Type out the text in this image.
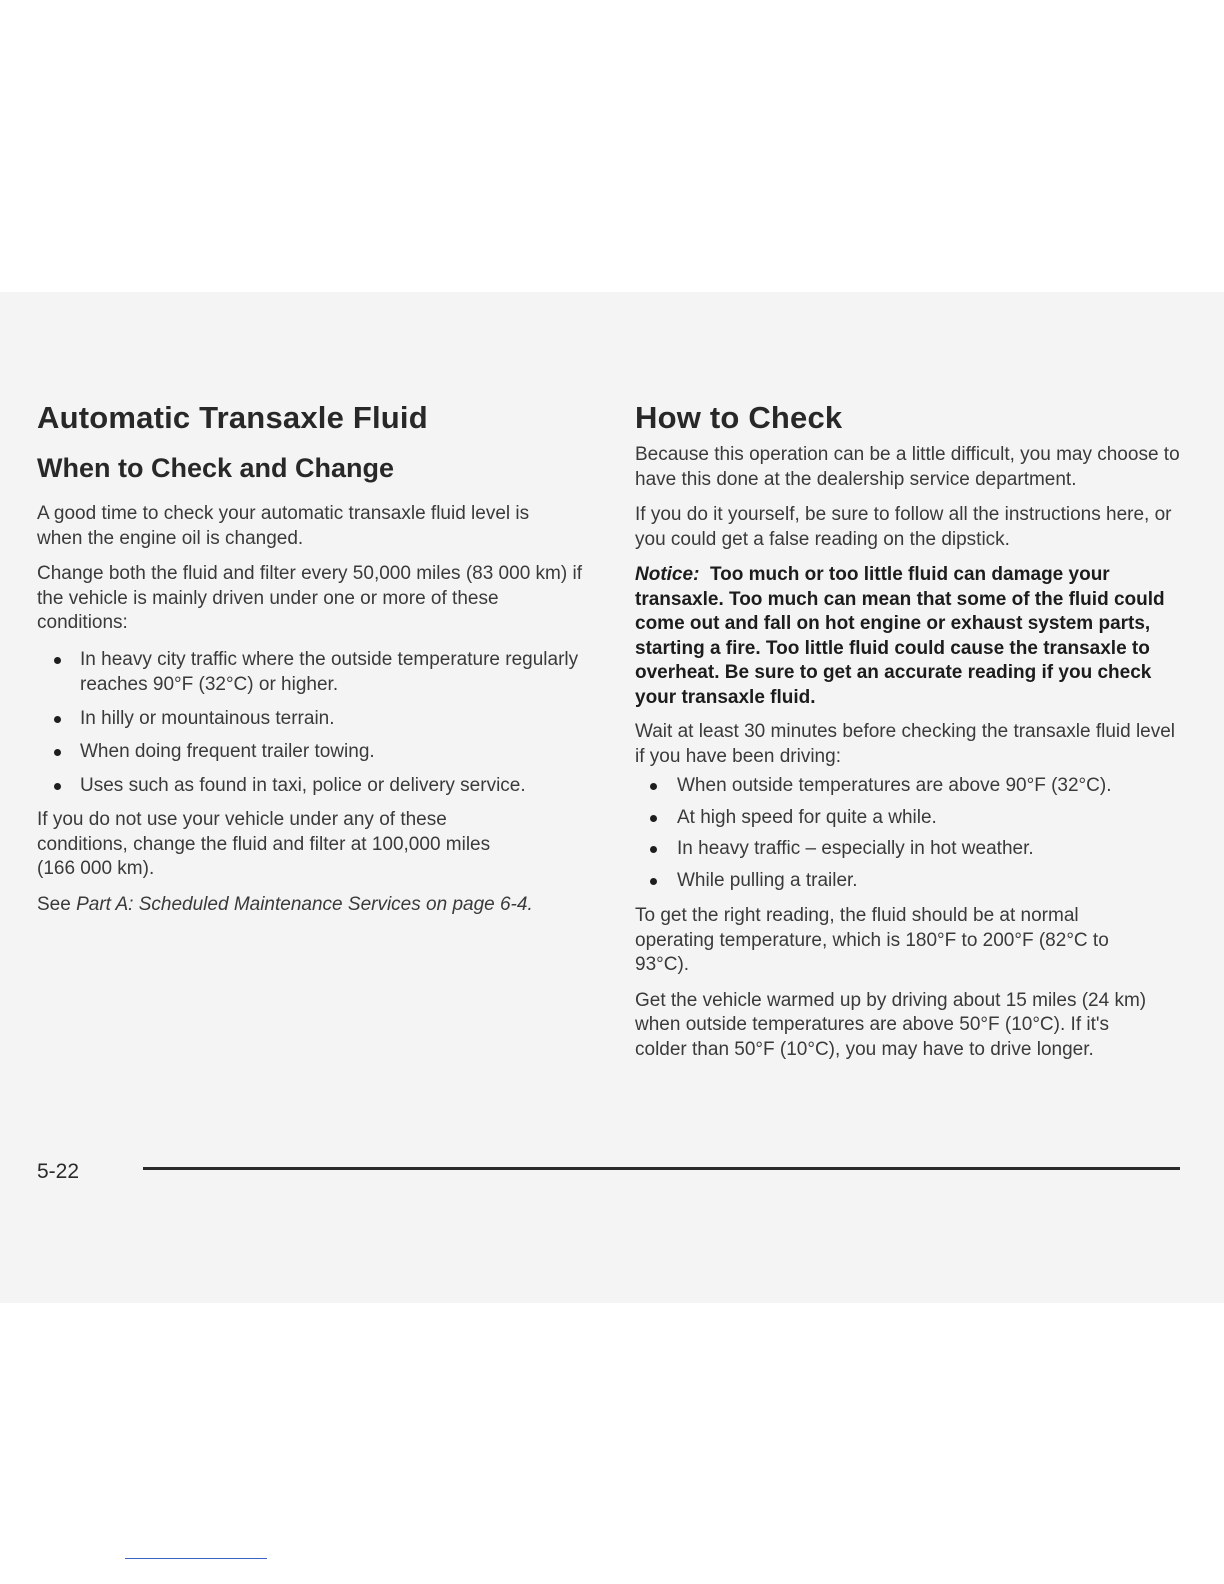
Automatic Transaxle Fluid
When to Check and Change

A good time to check your automatic transaxle fluid level is when the engine oil is changed.

Change both the fluid and filter every 50,000 miles (83 000 km) if the vehicle is mainly driven under one or more of these conditions:

In heavy city traffic where the outside temperature regularly reaches 90°F (32°C) or higher.
In hilly or mountainous terrain.
When doing frequent trailer towing.
Uses such as found in taxi, police or delivery service.

If you do not use your vehicle under any of these conditions, change the fluid and filter at 100,000 miles (166 000 km).

See Part A: Scheduled Maintenance Services on page 6-4.

How to Check

Because this operation can be a little difficult, you may choose to have this done at the dealership service department.

If you do it yourself, be sure to follow all the instructions here, or you could get a false reading on the dipstick.

Notice: Too much or too little fluid can damage your transaxle. Too much can mean that some of the fluid could come out and fall on hot engine or exhaust system parts, starting a fire. Too little fluid could cause the transaxle to overheat. Be sure to get an accurate reading if you check your transaxle fluid.

Wait at least 30 minutes before checking the transaxle fluid level if you have been driving:

When outside temperatures are above 90°F (32°C).
At high speed for quite a while.
In heavy traffic – especially in hot weather.
While pulling a trailer.

To get the right reading, the fluid should be at normal operating temperature, which is 180°F to 200°F (82°C to 93°C).

Get the vehicle warmed up by driving about 15 miles (24 km) when outside temperatures are above 50°F (10°C). If it's colder than 50°F (10°C), you may have to drive longer.

5-22
